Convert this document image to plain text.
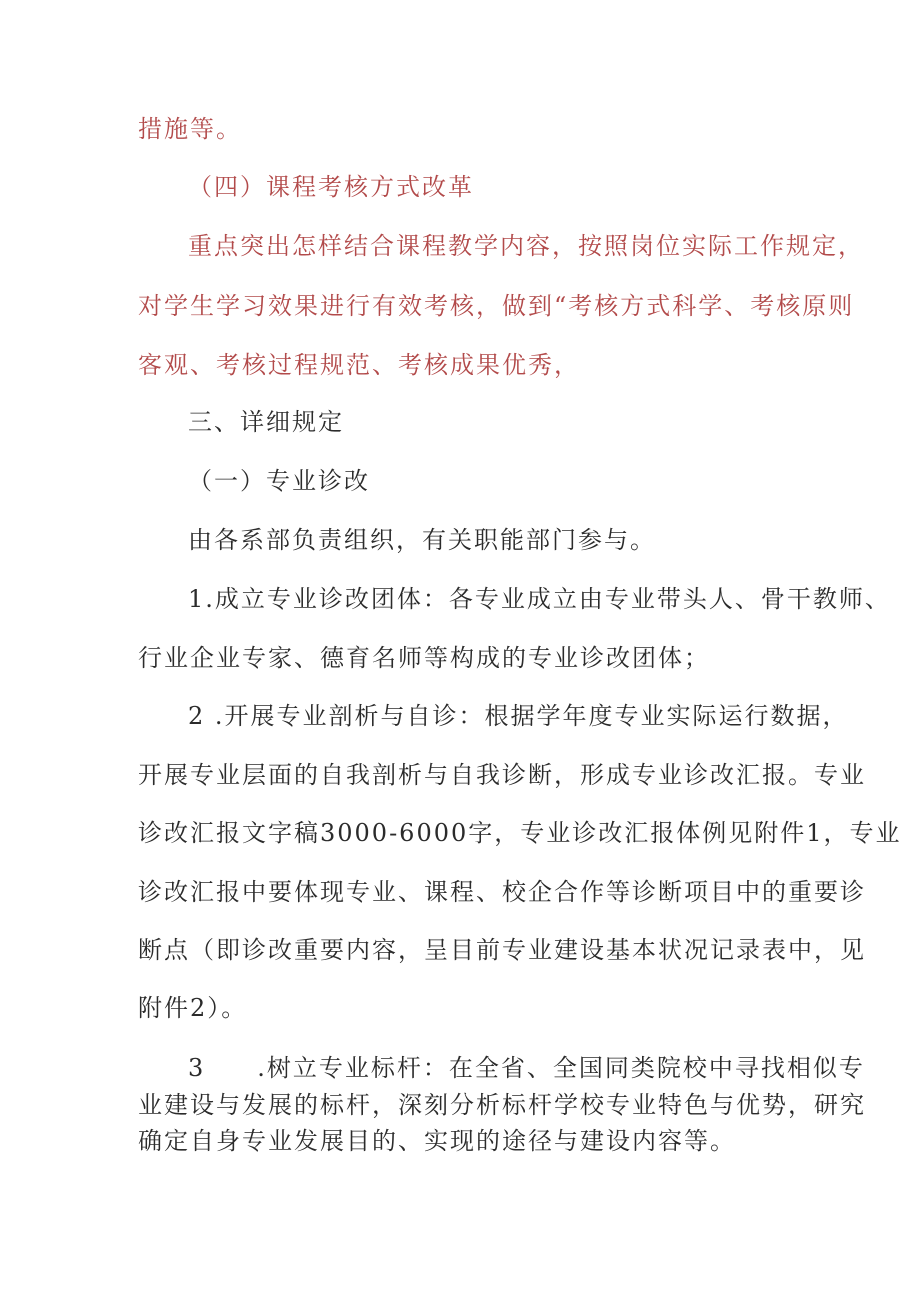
措施等。
（四）课程考核方式改革
重点突出怎样结合课程教学内容，按照岗位实际工作规定，
对学生学习效果进行有效考核，做到“考核方式科学、考核原则
客观、考核过程规范、考核成果优秀，
三、详细规定
（一）专业诊改
由各系部负责组织，有关职能部门参与。
1.成立专业诊改团体：各专业成立由专业带头人、骨干教师、
行业企业专家、德育名师等构成的专业诊改团体；
2 .开展专业剖析与自诊：根据学年度专业实际运行数据，
开展专业层面的自我剖析与自我诊断，形成专业诊改汇报。专业
诊改汇报文字稿3000-6000字，专业诊改汇报体例见附件1，专业
诊改汇报中要体现专业、课程、校企合作等诊断项目中的重要诊
断点（即诊改重要内容，呈目前专业建设基本状况记录表中，见
附件2）。
3　　.树立专业标杆：在全省、全国同类院校中寻找相似专
业建设与发展的标杆，深刻分析标杆学校专业特色与优势，研究
确定自身专业发展目的、实现的途径与建设内容等。
